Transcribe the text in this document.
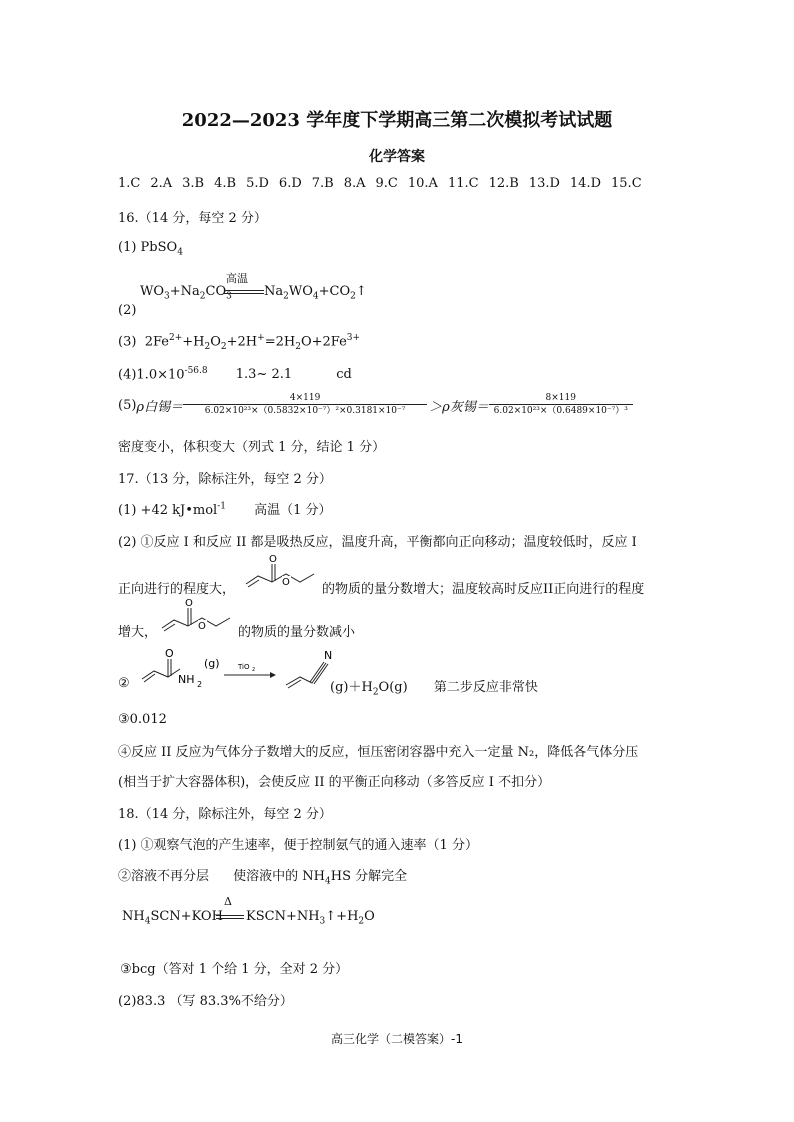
2022—2023 学年度下学期高三第二次模拟考试试题
化学答案
1.C 2.A 3.B 4.B 5.D 6.D 7.B 8.A 9.C 10.A 11.C 12.B 13.D 14.D 15.C
16.（14 分，每空 2 分）
(1) PbSO$_4$
$WO_3+Na_2CO_3$
高温
$Na_2WO_4+CO_2↑$
(2)
(3) $2Fe^{2+}+H_2O_2+2H^+=2H_2O+2Fe^{3+}$
$(4)1.0\times 10^{-56.8}$ 1.3~ 2.1	cd
(5) ρ白锡＝ $\frac{4\times 119}{\text{6.02×10²³×（0.5832×10⁻⁷）²×0.3181×10⁻⁷}} > \rho$灰锡＝ $\frac{8\times 119}{\text{6.02×10²³×（0.6489×10⁻⁷）³}}$
密度变小，体积变大（列式 1 分，结论 1 分）
17.（13 分，除标注外，每空 2 分）
(1) +42 kJ•mol$^{-1}$ 高温（1 分）
(2) ①反应 I 和反应 II 都是吸热反应，温度升高，平衡都向正向移动；温度较低时，反应 I
正向进行的程度大，
O
O 的物质的量分数增大；温度较高时反应II正向进行的程度
增大，
O
O 的物质的量分数减小
②
O
NH 2
(g)	TiO 2
N
$(g)+H_2O(g)$ 第二步反应非常快
③0.012
④反应 II 反应为气体分子数增大的反应，恒压密闭容器中充入一定量 N₂，降低各气体分压
(相当于扩大容器体积)，会使反应 II 的平衡正向移动（多答反应 I 不扣分）
18.（14 分，除标注外，每空 2 分）
(1) ①观察气泡的产生速率，便于控制氨气的通入速率（1 分）
②溶液不再分层 使溶液中的 $NH_4HS$ 分解完全
$NH_4SCN+KOH$
Δ
$KSCN+NH_3↑+H_2O$
③bcg（答对 1 个给 1 分，全对 2 分）
(2)83.3 （写 83.3%不给分）
高三化学（二模答案）-1
